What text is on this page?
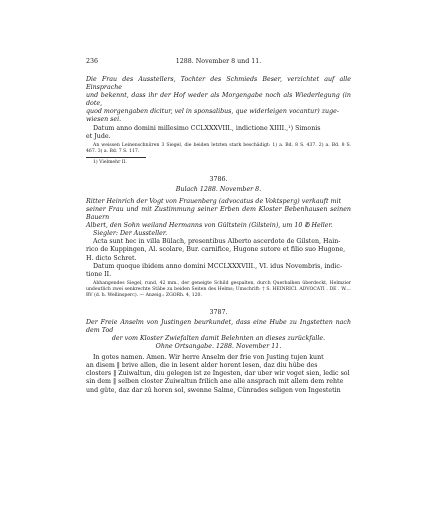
236	1288. November 8 und 11.

Die Frau des Ausstellers, Tochter des Schmieds Beser, verzichtet auf alle Einsprache

und bekennt, dass ihr der Hof weder als Morgengabe noch als Wiederlegung (in dote,

quod morgengaben dicitur, vel in sponsalibus, que widerleigen vocantur) zuge-

wiesen sei.

Datum anno domini millesimo CCLXXXVIII., indictione XIIII.,¹) Simonis

et Jude.

An weissen Leinenschnüren 3 Siegel, die beiden letzten stark beschädigt: 1) a. Bd. 8 S. 437. 2) a. Bd. 8 S. 467. 3) a. Bd. 7 S. 117.

1) Vielmehr II.

3786.

Bulach 1288. November 8.

Ritter Heinrich der Vogt von Frauenberg (advocatus de Voktsperg) verkauft mit

seiner Frau und mit Zustimmung seiner Erben dem Kloster Bebenhausen seinen Bauern

Albert, den Sohn weiland Hermanns von Gültstein (Gilstein), um 10 ℔ Heller.

Siegler: Der Aussteller.

Acta sunt hec in villa Bülach, presentibus Alberto ascerdote de Gilsten, Hain-

rico de Kuppingen, Al. scolare, Bur. carnifice, Hugone sutore et filio suo Hugone,

H. dicto Schret.

Datum quoque ibidem anno domini MCCLXXXVIII., VI. idus Novembris, indic-

tione II.

Abhangendes Siegel, rund, 42 mm., der geneigte Schild gespalten, durch Querbalken überdeckt, Helmzier undeutlich zwei senkrechte Stäbe zu beiden Seiten des Helms; Umschrift: † S. HEINRICI. ADVOCATI . DE . W.... RV (d. h. Wellinsperc). — Anzeig.: ZGORh. 4, 120.

3787.

Der Freie Anselm von Justingen beurkundet, dass eine Hube zu Ingstetten nach dem Tod

der vom Kloster Zwiefalten damit Belehnten an dieses zurückfalle.

Ohne Ortsangabe. 1288. November 11.

In gotes namen. Amen. Wir herre Anselm der frie von Justing tujen kunt

an disem ‖ brive allen, die in lesent alder horent lesen, daz diu hûbe des

closters ‖ Zuiwaltun, diu gelegen ist ze Ingesten, dar uber wir voget sien, ledic sol

sin dem ‖ selben closter Zuiwaltun frilich ane alle ansprach mit allem dem rehte

und gûte, daz dar zû horen sol, swenne Salme, Cûnrades seligen von Ingestetin
